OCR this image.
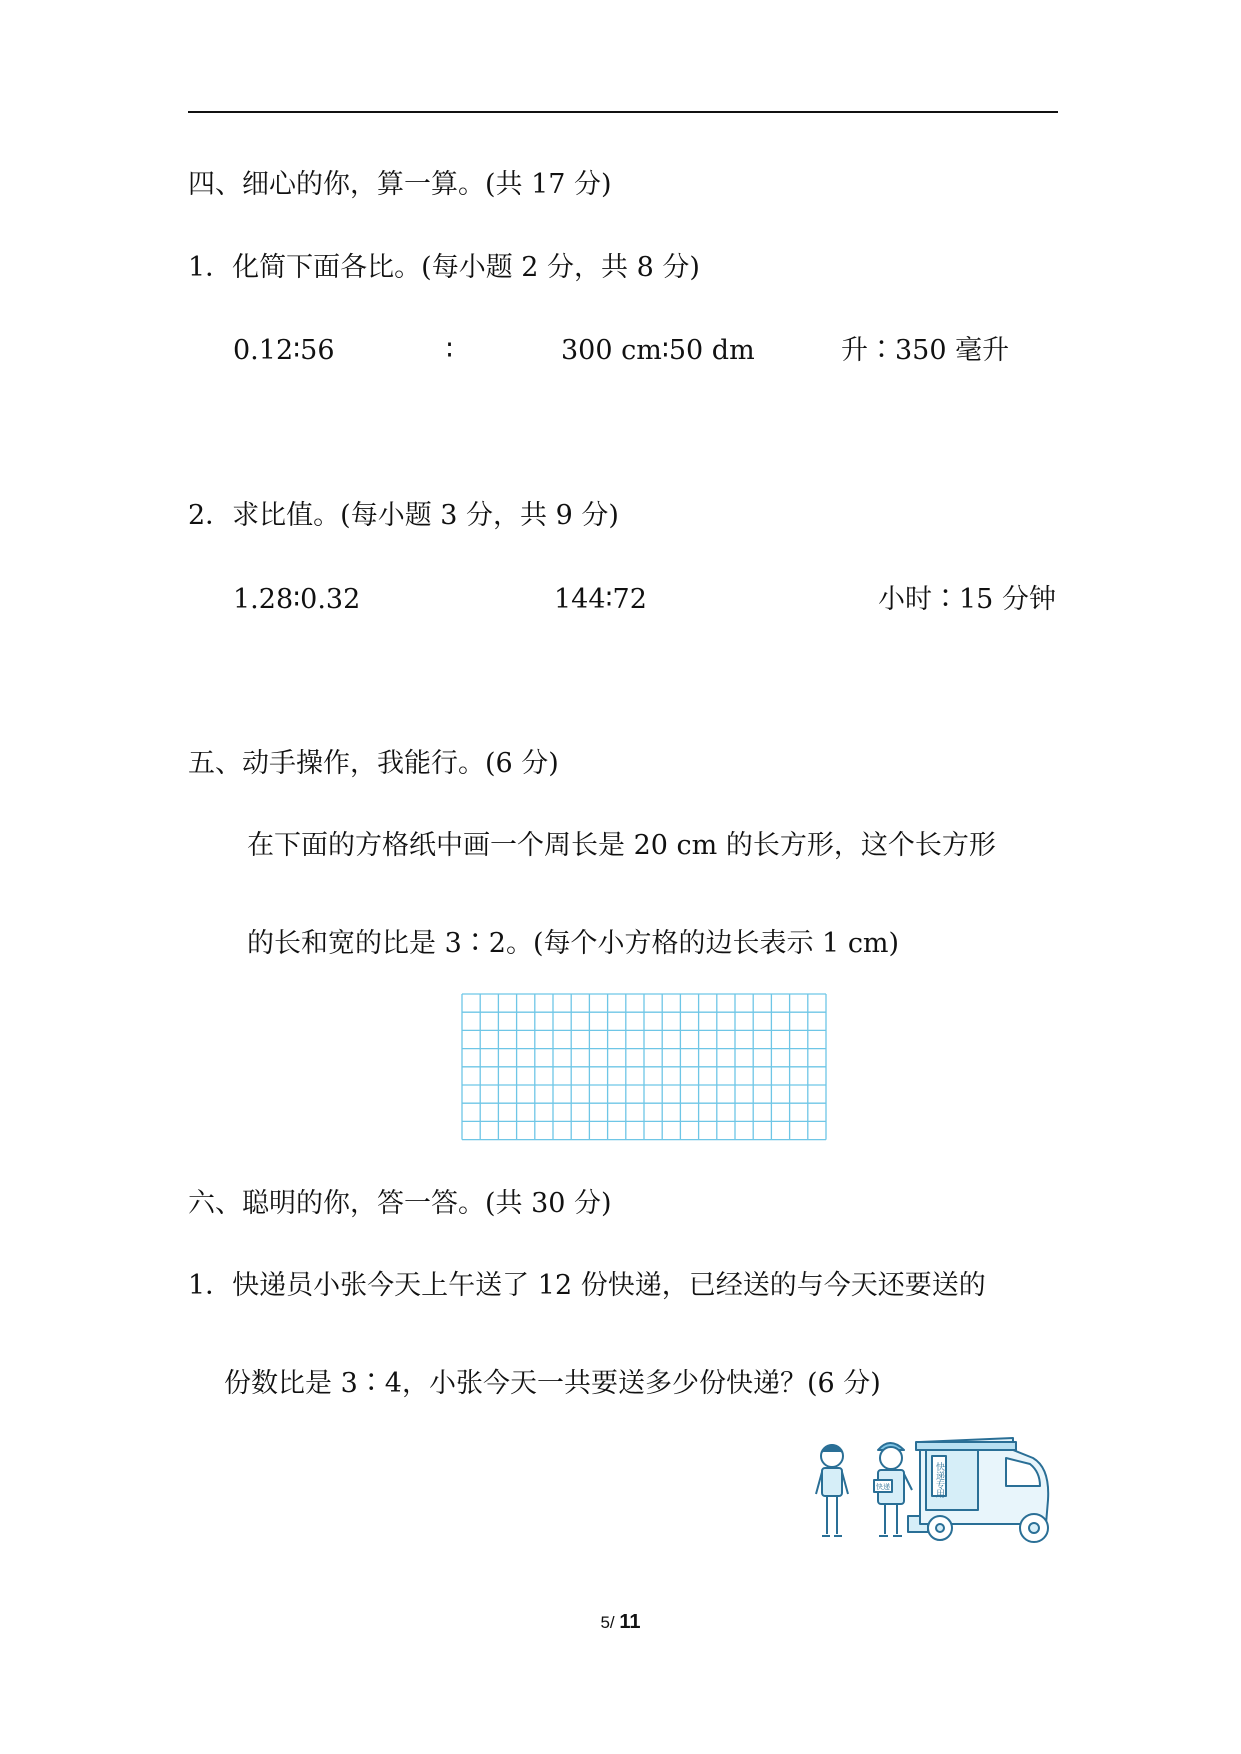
四、细心的你，算一算。(共 17 分)
1．化简下面各比。(每小题 2 分，共 8 分)
0.12∶56	∶	300 cm∶50 dm	升∶350 毫升
2．求比值。(每小题 3 分，共 9 分)
1.28∶0.32	144∶72	小时∶15 分钟
五、动手操作，我能行。(6 分)
在下面的方格纸中画一个周长是 20 cm 的长方形，这个长方形
的长和宽的比是 3∶2。(每个小方格的边长表示 1 cm)
六、聪明的你，答一答。(共 30 分)
1．快递员小张今天上午送了 12 份快递，已经送的与今天还要送的
份数比是 3∶4，小张今天一共要送多少份快递？(6 分)
快递专用
快递
5/ 11
